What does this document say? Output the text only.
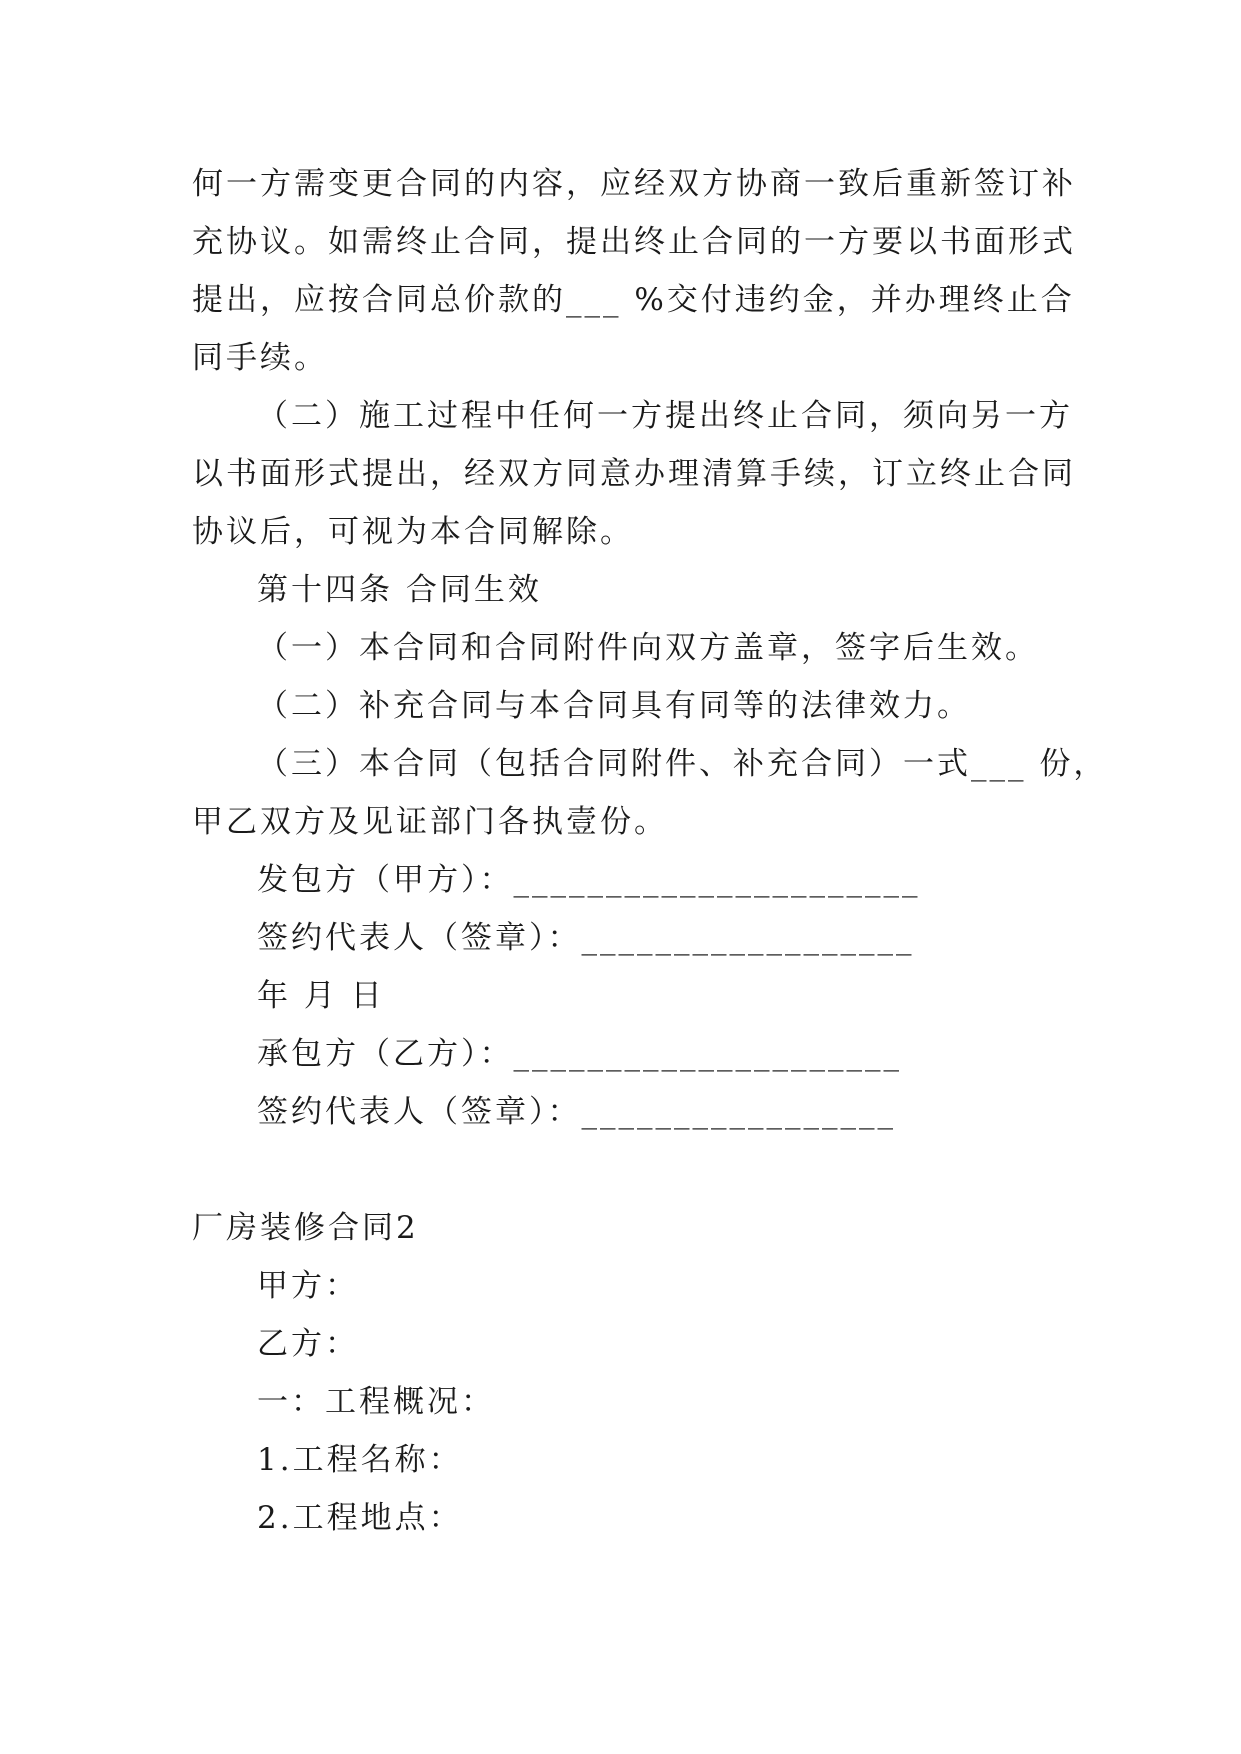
何一方需变更合同的内容，应经双方协商一致后重新签订补
充协议。如需终止合同，提出终止合同的一方要以书面形式
提出，应按合同总价款的___ %交付违约金，并办理终止合
同手续。
（二）施工过程中任何一方提出终止合同，须向另一方
以书面形式提出，经双方同意办理清算手续，订立终止合同
协议后，可视为本合同解除。
第十四条 合同生效
（一）本合同和合同附件向双方盖章，签字后生效。
（二）补充合同与本合同具有同等的法律效力。
（三）本合同（包括合同附件、补充合同）一式___ 份，
甲乙双方及见证部门各执壹份。
发包方（甲方）：______________________
签约代表人（签章）：__________________
年 月 日
承包方（乙方）：_____________________
签约代表人（签章）：_________________
厂房装修合同2
甲方：
乙方：
一：工程概况：
1.工程名称：
2.工程地点：
